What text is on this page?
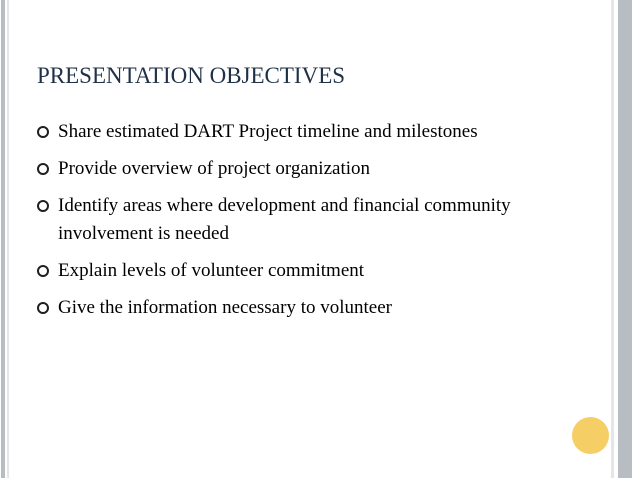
PRESENTATION OBJECTIVES
Share estimated DART Project timeline and milestones
Provide overview of project organization
Identify areas where development and financial community involvement is needed
Explain levels of volunteer commitment
Give the information necessary to volunteer
